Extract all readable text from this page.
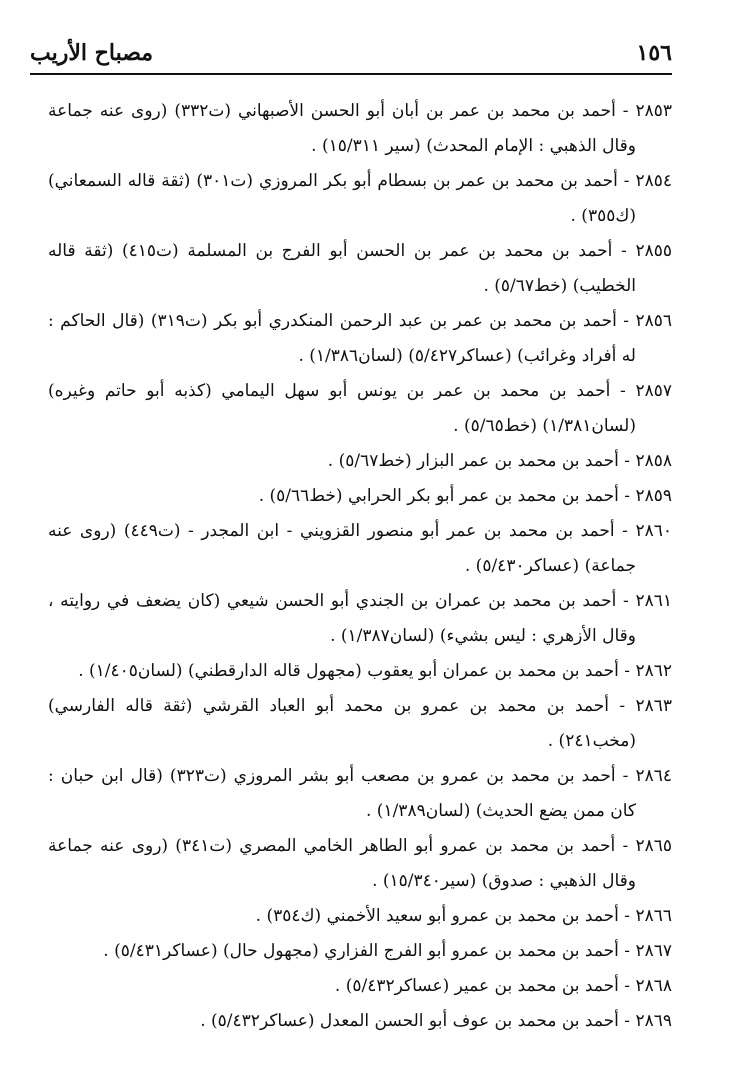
١٥٦
مصباح الأريب

٢٨٥٣ - أحمد بن محمد بن عمر بن أبان أبو الحسن الأصبهاني (ت٣٣٢) (روى عنه جماعة وقال الذهبي : الإمام المحدث) (سير ١٥/٣١١) .

٢٨٥٤ - أحمد بن محمد بن عمر بن بسطام أبو بكر المروزي (ت٣٠١) (ثقة قاله السمعاني) (ك٣٥٥) .

٢٨٥٥ - أحمد بن محمد بن عمر بن الحسن أبو الفرج بن المسلمة (ت٤١٥) (ثقة قاله الخطيب) (خط٥/٦٧) .

٢٨٥٦ - أحمد بن محمد بن عمر بن عبد الرحمن المنكدري أبو بكر (ت٣١٩) (قال الحاكم : له أفراد وغرائب) (عساكر٥/٤٢٧) (لسان١/٣٨٦) .

٢٨٥٧ - أحمد بن محمد بن عمر بن يونس أبو سهل اليمامي (كذبه أبو حاتم وغيره) (لسان١/٣٨١) (خط٥/٦٥) .

٢٨٥٨ - أحمد بن محمد بن عمر البزار (خط٥/٦٧) .

٢٨٥٩ - أحمد بن محمد بن عمر أبو بكر الحرابي (خط٥/٦٦) .

٢٨٦٠ - أحمد بن محمد بن عمر أبو منصور القزويني - ابن المجدر - (ت٤٤٩) (روى عنه جماعة) (عساكر٥/٤٣٠) .

٢٨٦١ - أحمد بن محمد بن عمران بن الجندي أبو الحسن شيعي (كان يضعف في روايته ، وقال الأزهري : ليس بشيء) (لسان١/٣٨٧) .

٢٨٦٢ - أحمد بن محمد بن عمران أبو يعقوب (مجهول قاله الدارقطني) (لسان١/٤٠٥) .

٢٨٦٣ - أحمد بن محمد بن عمرو بن محمد أبو العباد القرشي (ثقة قاله الفارسي) (مخب٢٤١) .

٢٨٦٤ - أحمد بن محمد بن عمرو بن مصعب أبو بشر المروزي (ت٣٢٣) (قال ابن حبان : كان ممن يضع الحديث) (لسان١/٣٨٩) .

٢٨٦٥ - أحمد بن محمد بن عمرو أبو الطاهر الخامي المصري (ت٣٤١) (روى عنه جماعة وقال الذهبي : صدوق) (سير١٥/٣٤٠) .

٢٨٦٦ - أحمد بن محمد بن عمرو أبو سعيد الأخمني (ك٣٥٤) .

٢٨٦٧ - أحمد بن محمد بن عمرو أبو الفرج الفزاري (مجهول حال) (عساكر٥/٤٣١) .

٢٨٦٨ - أحمد بن محمد بن عمير (عساكر٥/٤٣٢) .

٢٨٦٩ - أحمد بن محمد بن عوف أبو الحسن المعدل (عساكر٥/٤٣٢) .
